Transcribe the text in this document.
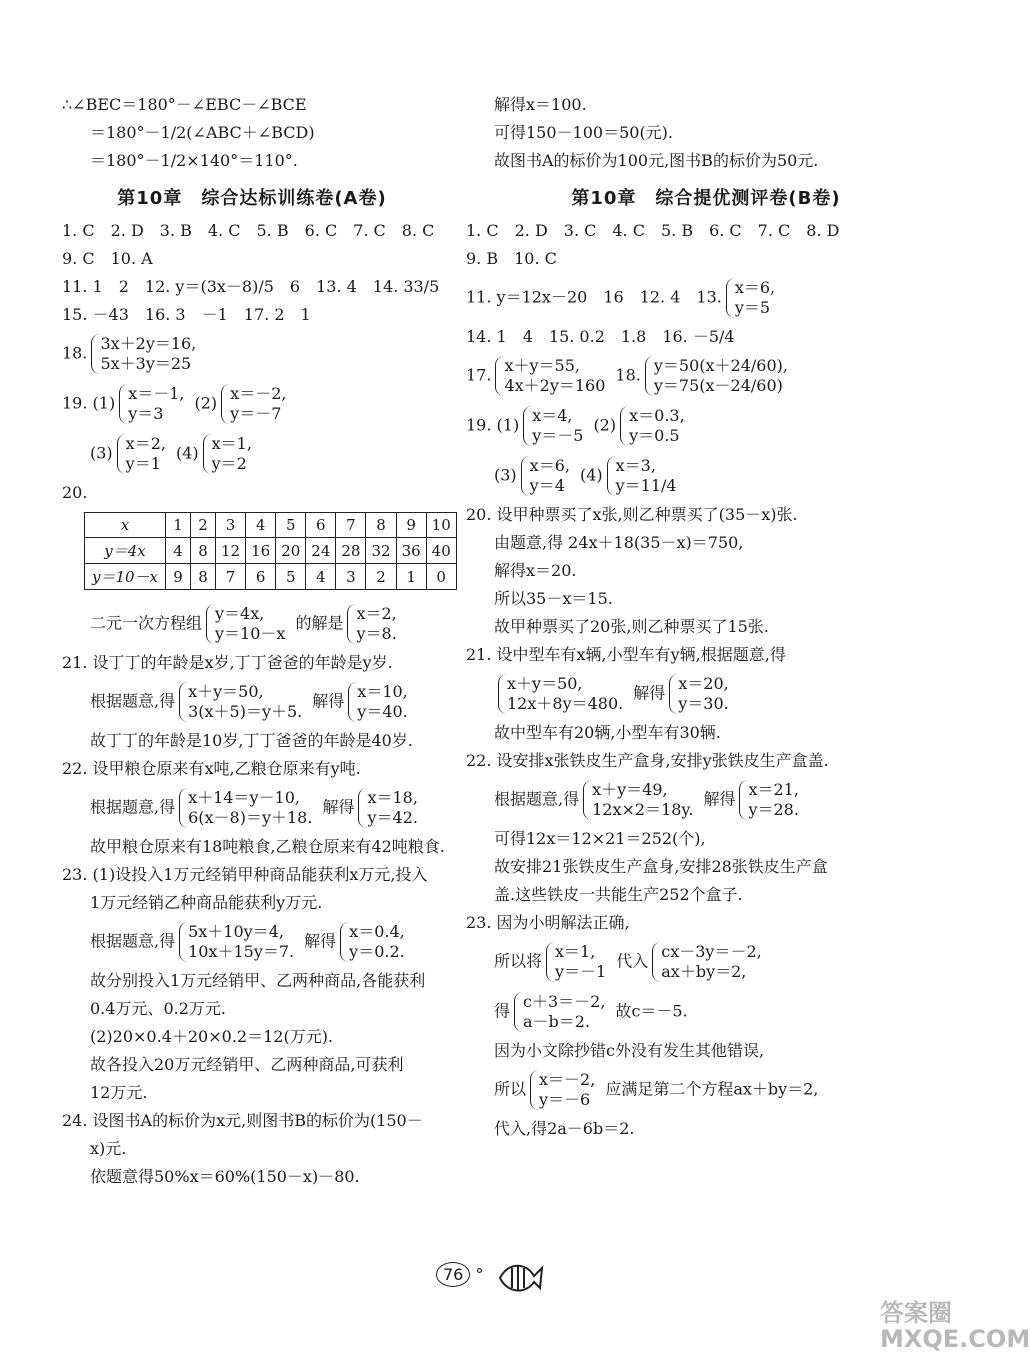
∴∠BEC＝180°－∠EBC－∠BCE
＝180°－1/2(∠ABC＋∠BCD)
＝180°－1/2×140°＝110°.
第10章　综合达标训练卷(A卷)
1. C　2. D　3. B　4. C　5. B　6. C　7. C　8. C
9. C　10. A
11. 1　2　12. y＝(3x－8)/5　6　13. 4　14. 33/5
15. －43　16. 3　－1　17. 2　1
18. 3x＋2y＝16,
5x＋3y＝25
19. (1) x＝－1,
y＝3
(2) x＝－2,
y＝－7
(3) x＝2,
y＝1
(4) x＝1,
y＝2
20.
x	1	2	3	4	5	6	7	8	9	10
y＝4x	4	8	12	16	20	24	28	32	36	40
y＝10－x	9	8	7	6	5	4	3	2	1	0
二元一次方程组 y＝4x,
y＝10－x
的解是 x＝2,
y＝8.
21. 设丁丁的年龄是x岁,丁丁爸爸的年龄是y岁.
根据题意,得 x＋y＝50,
3(x＋5)＝y＋5.
解得 x＝10,
y＝40.
故丁丁的年龄是10岁,丁丁爸爸的年龄是40岁.
22. 设甲粮仓原来有x吨,乙粮仓原来有y吨.
根据题意,得 x＋14＝y－10,
6(x－8)＝y＋18.
解得 x＝18,
y＝42.
故甲粮仓原来有18吨粮食,乙粮仓原来有42吨粮食.
23. (1)设投入1万元经销甲种商品能获利x万元,投入
1万元经销乙种商品能获利y万元.
根据题意,得 5x＋10y＝4,
10x＋15y＝7.
解得 x＝0.4,
y＝0.2.
故分别投入1万元经销甲、乙两种商品,各能获利
0.4万元、0.2万元.
(2)20×0.4＋20×0.2＝12(万元).
故各投入20万元经销甲、乙两种商品,可获利
12万元.
24. 设图书A的标价为x元,则图书B的标价为(150－
x)元.
依题意得50%x＝60%(150－x)－80.
解得x＝100.
可得150－100＝50(元).
故图书A的标价为100元,图书B的标价为50元.
第10章　综合提优测评卷(B卷)
1. C　2. D　3. C　4. C　5. B　6. C　7. C　8. D
9. B　10. C
11. y＝12x－20　16　12. 4　13. x＝6,
y＝5
14. 1　4　15. 0.2　1.8　16. －5/4
17. x＋y＝55,
4x＋2y＝160
18. y＝50(x＋24/60),
y＝75(x－24/60)
19. (1) x＝4,
y＝－5
(2) x＝0.3,
y＝0.5
(3) x＝6,
y＝4
(4) x＝3,
y＝11/4
20. 设甲种票买了x张,则乙种票买了(35－x)张.
由题意,得 24x＋18(35－x)＝750,
解得x＝20.
所以35－x＝15.
故甲种票买了20张,则乙种票买了15张.
21. 设中型车有x辆,小型车有y辆,根据题意,得
x＋y＝50,
12x＋8y＝480.
解得 x＝20,
y＝30.
故中型车有20辆,小型车有30辆.
22. 设安排x张铁皮生产盒身,安排y张铁皮生产盒盖.
根据题意,得 x＋y＝49,
12x×2＝18y.
解得 x＝21,
y＝28.
可得12x＝12×21＝252(个),
故安排21张铁皮生产盒身,安排28张铁皮生产盒
盖.这些铁皮一共能生产252个盒子.
23. 因为小明解法正确,
所以将 x＝1,
y＝－1
代入 cx－3y＝－2,
ax＋by＝2,
得 c＋3＝－2,
a－b＝2.
故c＝－5.
因为小文除抄错c外没有发生其他错误,
所以 x＝－2,
y＝－6
应满足第二个方程ax＋by＝2,
代入,得2a－6b＝2.
76 °
答案圈
MXQE.COM
